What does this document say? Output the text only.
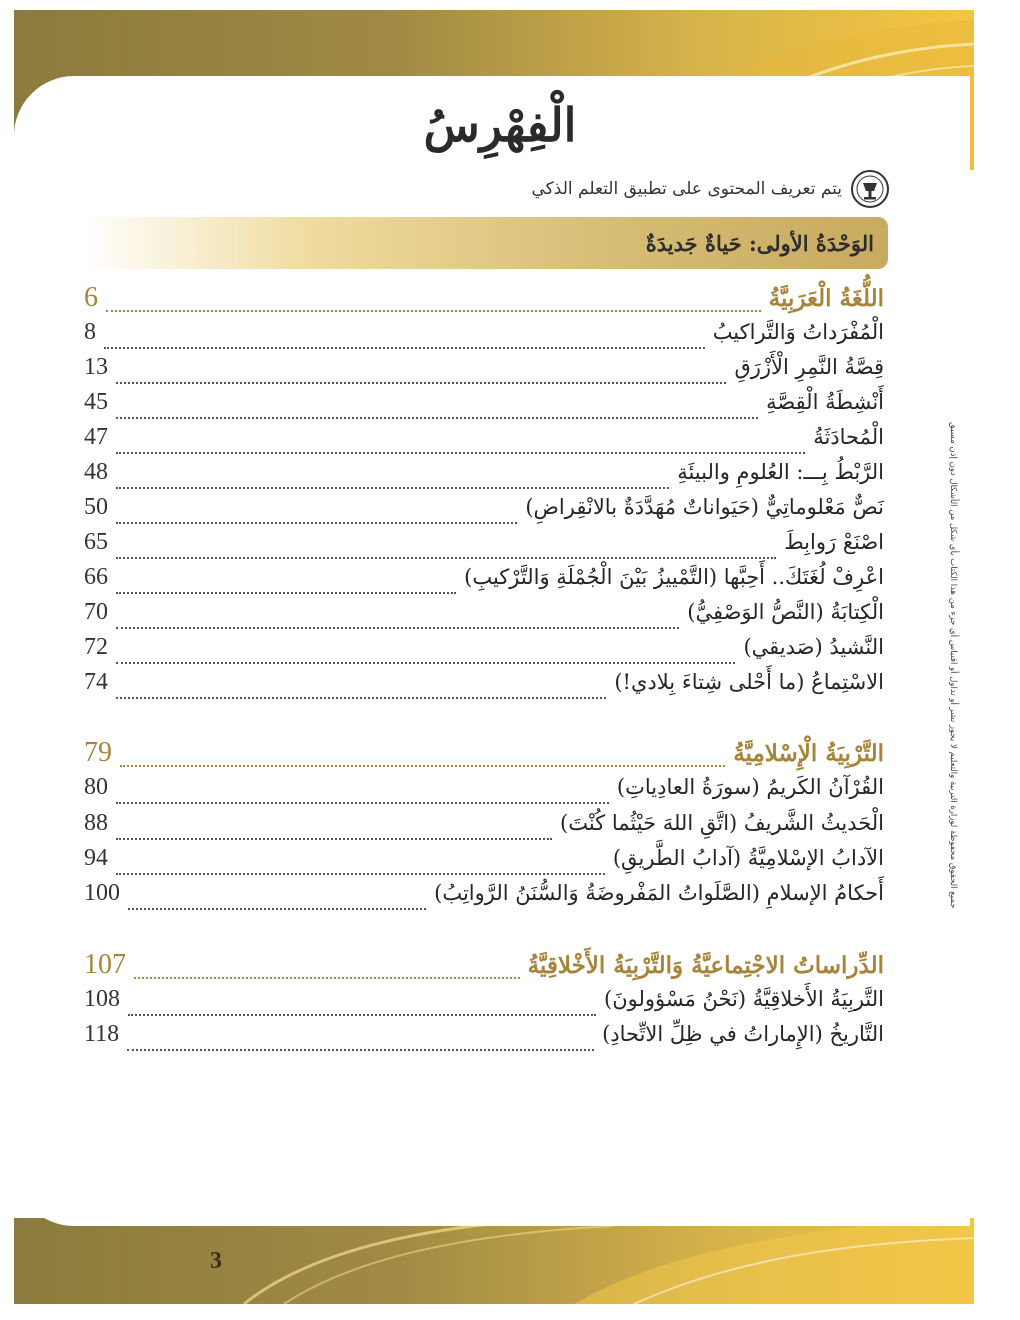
جميع الحقوق محفوظة لوزارة التربية والتعليم لا يجوز نشر أو تداول أو اقتباس أي جزء من هذا الكتاب بأي شكل من الأشكال دون إذن مسبق
الْفِهْرِسُ
يتم تعريف المحتوى على تطبيق التعلم الذكي
الوَحْدَةُ الأولى: حَياةٌ جَديدَةٌ
اللُّغَةُ الْعَرَبِيَّةُ
6
الْمُفْرَداتُ وَالتَّراكيبُ
8
قِصَّةُ النَّمِرِ الْأَزْرَقِ
13
أَنْشِطَةُ الْقِصَّةِ
45
الْمُحادَثَةُ
47
الرَّبْطُ بِـــ: العُلومِ والبيئَةِ
48
نَصٌّ مَعْلوماتِيٌّ (حَيَواناتٌ مُهَدَّدَةٌ بالانْقِراضِ)
50
اصْنَعْ رَوابِطَ
65
اعْرِفْ لُغَتَكَ.. أَحِبَّها (التَّمْييزُ بَيْنَ الْجُمْلَةِ وَالتَّرْكيبِ)
66
الْكِتابَةُ (النَّصُّ الوَصْفِيُّ)
70
النَّشيدُ (صَديقي)
72
الاسْتِماعُ (ما أَحْلى شِتاءَ بِلادي!)
74
التَّرْبِيَةُ الْإِسْلامِيَّةُ
79
القُرْآنُ الكَريمُ (سورَةُ العادِياتِ)
80
الْحَديثُ الشَّريفُ (اتَّقِ اللهَ حَيْثُما كُنْتَ)
88
الآدابُ الإسْلامِيَّةُ (آدابُ الطَّريقِ)
94
أَحكامُ الإسلامِ (الصَّلَواتُ المَفْروضَةُ وَالسُّنَنُ الرَّواتِبُ)
100
الدِّراساتُ الاجْتِماعيَّةُ وَالتَّرْبِيَةُ الأَخْلاقِيَّةُ
107
التَّربِيَةُ الأَخلاقِيَّةُ (نَحْنُ مَسْؤولونَ)
108
التَّاريخُ (الإِماراتُ في ظِلِّ الاتِّحادِ)
118
3
